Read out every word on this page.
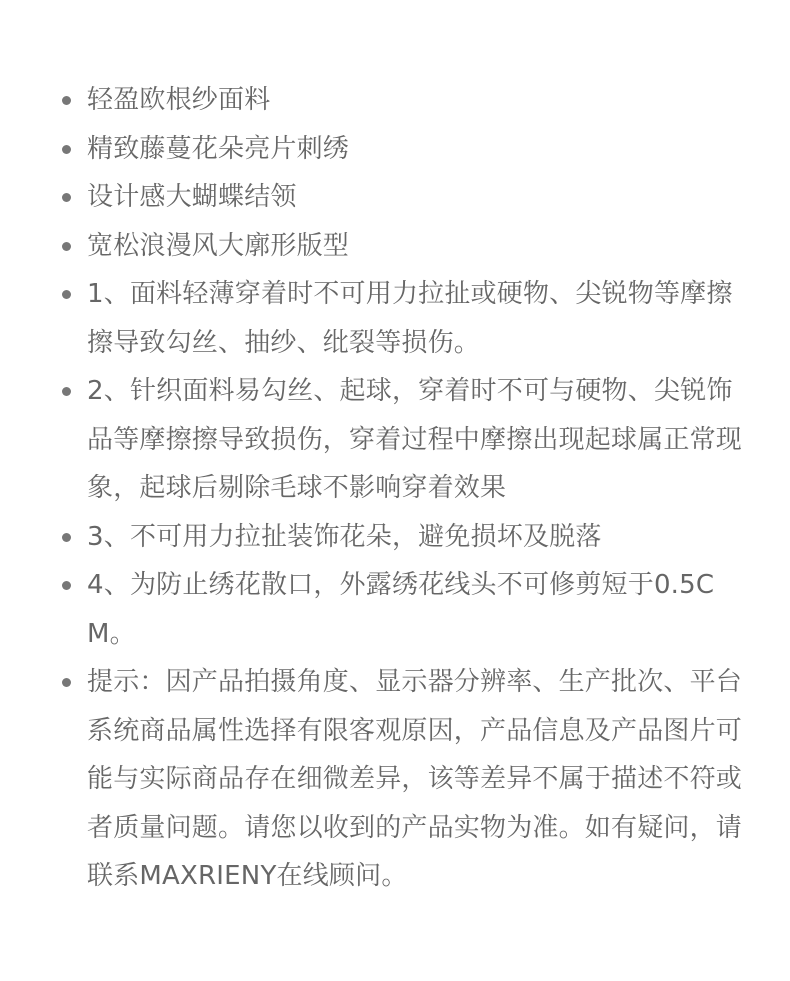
轻盈欧根纱面料
精致藤蔓花朵亮片刺绣
设计感大蝴蝶结领
宽松浪漫风大廓形版型
1、面料轻薄穿着时不可用力拉扯或硬物、尖锐物等摩擦擦导致勾丝、抽纱、纰裂等损伤。
2、针织面料易勾丝、起球，穿着时不可与硬物、尖锐饰品等摩擦擦导致损伤，穿着过程中摩擦出现起球属正常现象，起球后剔除毛球不影响穿着效果
3、不可用力拉扯装饰花朵，避免损坏及脱落
4、为防止绣花散口，外露绣花线头不可修剪短于0.5CM。
提示：因产品拍摄角度、显示器分辨率、生产批次、平台系统商品属性选择有限客观原因，产品信息及产品图片可能与实际商品存在细微差异，该等差异不属于描述不符或者质量问题。请您以收到的产品实物为准。如有疑问，请联系MAXRIENY在线顾问。
